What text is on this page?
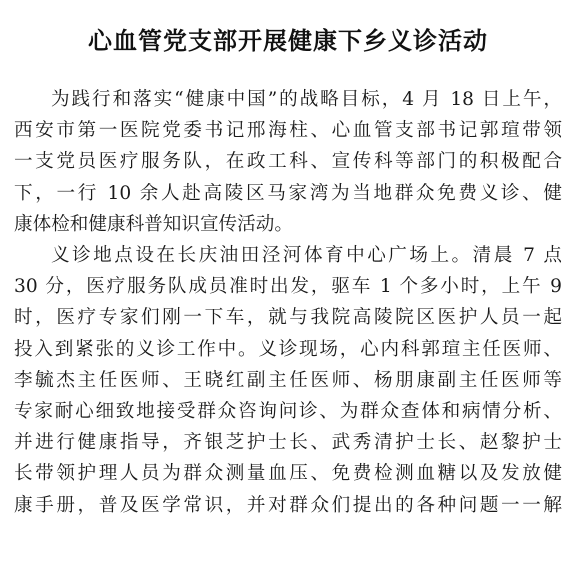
心血管党支部开展健康下乡义诊活动

为践行和落实“健康中国”的战略目标，4 月 18 日上午，
西安市第一医院党委书记邢海柱、心血管支部书记郭瑄带领
一支党员医疗服务队，在政工科、宣传科等部门的积极配合
下，一行 10 余人赴高陵区马家湾为当地群众免费义诊、健
康体检和健康科普知识宣传活动。

义诊地点设在长庆油田泾河体育中心广场上。清晨 7 点
30 分，医疗服务队成员准时出发，驱车 1 个多小时，上午 9
时，医疗专家们刚一下车，就与我院高陵院区医护人员一起
投入到紧张的义诊工作中。义诊现场，心内科郭瑄主任医师、
李毓杰主任医师、王晓红副主任医师、杨朋康副主任医师等
专家耐心细致地接受群众咨询问诊、为群众查体和病情分析、
并进行健康指导，齐银芝护士长、武秀清护士长、赵黎护士
长带领护理人员为群众测量血压、免费检测血糖以及发放健
康手册，普及医学常识，并对群众们提出的各种问题一一解
